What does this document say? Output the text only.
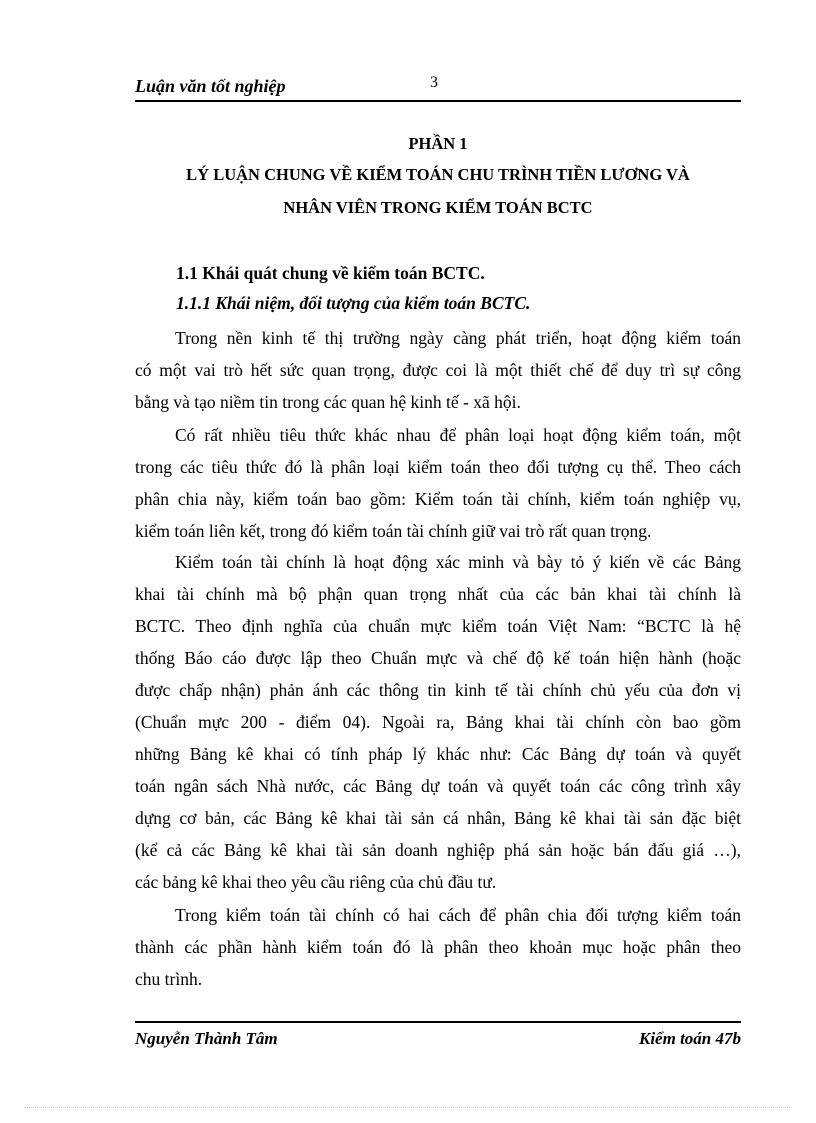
Luận văn tốt nghiệp	3
PHẦN 1
LÝ LUẬN CHUNG VỀ KIỂM TOÁN CHU TRÌNH TIỀN LƯƠNG VÀ
NHÂN VIÊN TRONG KIỂM TOÁN BCTC
1.1 Khái quát chung về kiểm toán BCTC.
1.1.1 Khái niệm, đối tượng của kiểm toán BCTC.
Trong nền kinh tế thị trường ngày càng phát triển, hoạt động kiểm toán
có một vai trò hết sức quan trọng, được coi là một thiết chế để duy trì sự công
bằng và tạo niềm tin trong các quan hệ kinh tế - xã hội.
Có rất nhiều tiêu thức khác nhau để phân loại hoạt động kiểm toán, một
trong các tiêu thức đó là phân loại kiểm toán theo đối tượng cụ thể. Theo cách
phân chia này, kiểm toán bao gồm: Kiểm toán tài chính, kiểm toán nghiệp vụ,
kiểm toán liên kết, trong đó kiểm toán tài chính giữ vai trò rất quan trọng.
Kiểm toán tài chính là hoạt động xác minh và bày tỏ ý kiến về các Bảng
khai tài chính mà bộ phận quan trọng nhất của các bản khai tài chính là
BCTC. Theo định nghĩa của chuẩn mực kiểm toán Việt Nam: “BCTC là hệ
thống Báo cáo được lập theo Chuẩn mực và chế độ kế toán hiện hành (hoặc
được chấp nhận) phản ánh các thông tin kinh tế tài chính chủ yếu của đơn vị
(Chuẩn mực 200 - điểm 04). Ngoài ra, Bảng khai tài chính còn bao gồm
những Bảng kê khai có tính pháp lý khác như: Các Bảng dự toán và quyết
toán ngân sách Nhà nước, các Bảng dự toán và quyết toán các công trình xây
dựng cơ bản, các Bảng kê khai tài sản cá nhân, Bảng kê khai tài sản đặc biệt
(kể cả các Bảng kê khai tài sản doanh nghiệp phá sản hoặc bán đấu giá …),
các bảng kê khai theo yêu cầu riêng của chủ đầu tư.
Trong kiểm toán tài chính có hai cách để phân chia đối tượng kiểm toán
thành các phần hành kiểm toán đó là phân theo khoản mục hoặc phân theo
chu trình.
Nguyễn Thành Tâm	Kiểm toán 47b
